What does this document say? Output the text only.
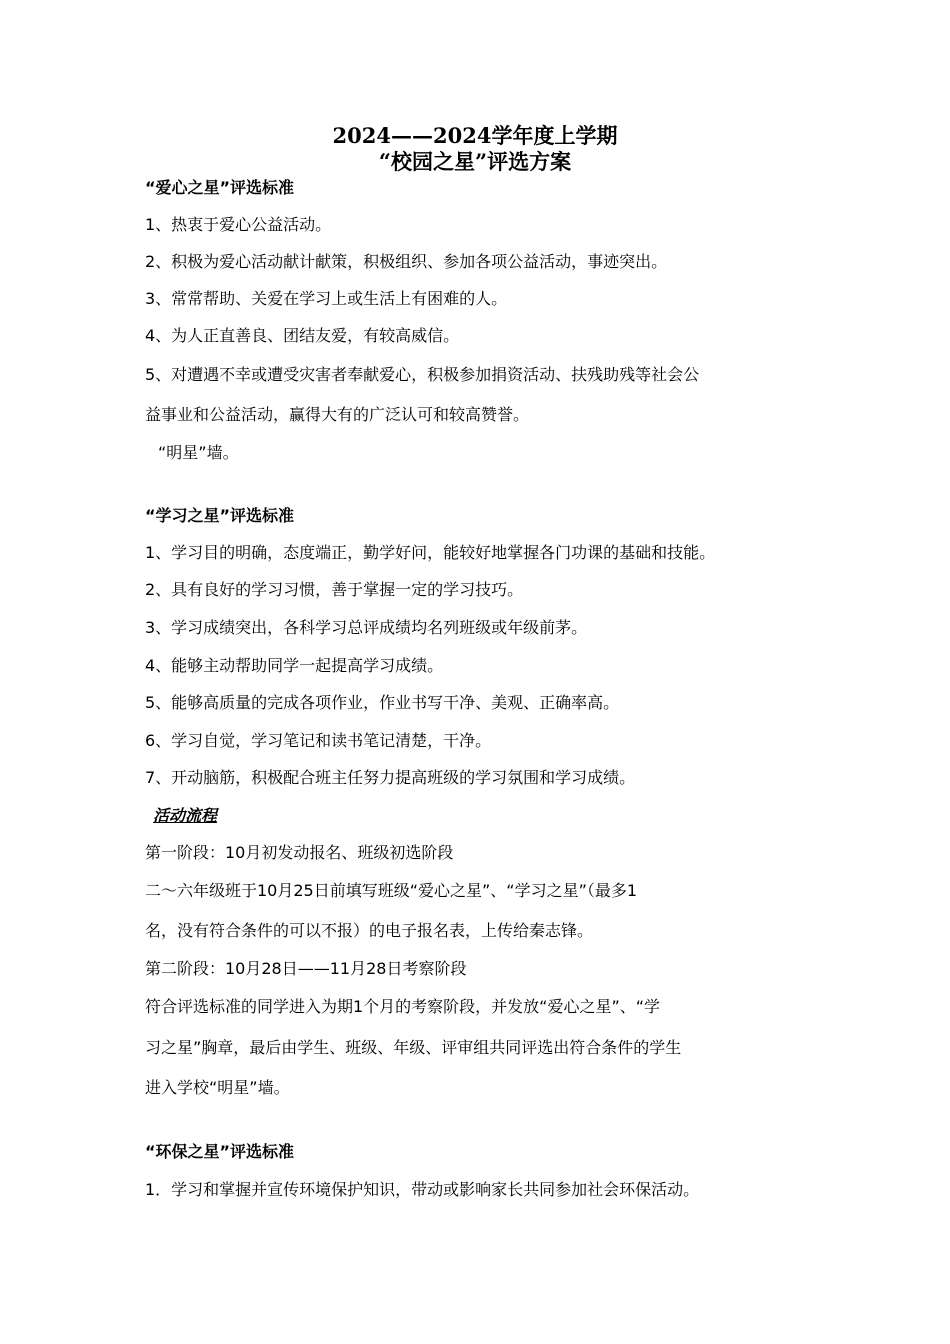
2024——2024学年度上学期
“校园之星”评选方案
“爱心之星”评选标准
1、热衷于爱心公益活动。
2、积极为爱心活动献计献策，积极组织、参加各项公益活动，事迹突出。
3、常常帮助、关爱在学习上或生活上有困难的人。
4、为人正直善良、团结友爱，有较高威信。
5、对遭遇不幸或遭受灾害者奉献爱心，积极参加捐资活动、扶残助残等社会公
益事业和公益活动，赢得大有的广泛认可和较高赞誉。
“明星”墙。
“学习之星”评选标准
1、学习目的明确，态度端正，勤学好问，能较好地掌握各门功课的基础和技能。
2、具有良好的学习习惯，善于掌握一定的学习技巧。
3、学习成绩突出，各科学习总评成绩均名列班级或年级前茅。
4、能够主动帮助同学一起提高学习成绩。
5、能够高质量的完成各项作业，作业书写干净、美观、正确率高。
6、学习自觉，学习笔记和读书笔记清楚，干净。
7、开动脑筋，积极配合班主任努力提高班级的学习氛围和学习成绩。
活动流程
第一阶段：10月初发动报名、班级初选阶段
二～六年级班于10月25日前填写班级“爱心之星”、“学习之星”（最多1
名，没有符合条件的可以不报）的电子报名表，上传给秦志锋。
第二阶段：10月28日——11月28日考察阶段
符合评选标准的同学进入为期1个月的考察阶段，并发放“爱心之星”、“学
习之星”胸章，最后由学生、班级、年级、评审组共同评选出符合条件的学生
进入学校“明星”墙。
“环保之星”评选标准
1．学习和掌握并宣传环境保护知识，带动或影响家长共同参加社会环保活动。
